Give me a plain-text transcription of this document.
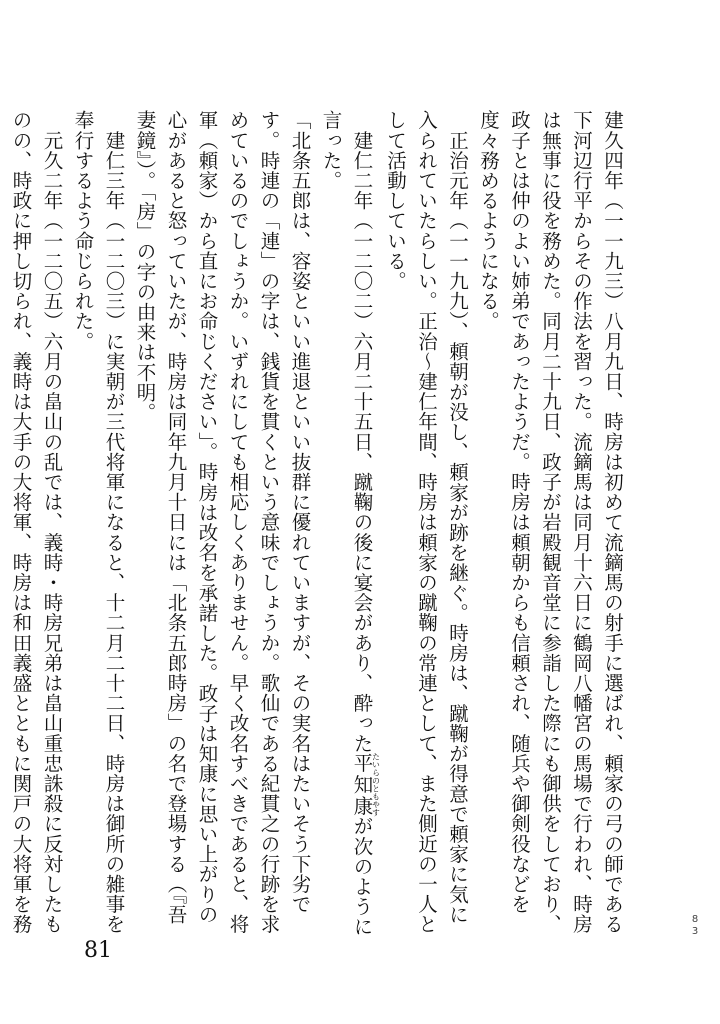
建久四年（一一九三）八月九日、時房は初めて流鏑馬の射手に選ばれ、頼家の弓の師である下河辺行平からその作法を習った。流鏑馬は同月十六日に鶴岡八幡宮の馬場で行われ、時房は無事に役を務めた。同月二十九日、政子が岩殿観音堂に参詣した際にも御供をしており、政子とは仲のよい姉弟であったようだ。時房は頼朝からも信頼され、随兵や御剣役などを度々務めるようになる。

　正治元年（一一九九）、頼朝が没し、頼家が跡を継ぐ。時房は、蹴鞠が得意で頼家に気に入られていたらしい。正治～建仁年間、時房は頼家の蹴鞠の常連として、また側近の一人として活動している。

　建仁二年（一二〇二）六月二十五日、蹴鞠の後に宴会があり、酔った平知康たいらのともやすが次のように言った。

「北条五郎は、容姿といい進退といい抜群に優れていますが、その実名はたいそう下劣です。時連の「連」の字は、銭貨を貫くという意味でしょうか。歌仙である紀貫之の行跡を求めているのでしょうか。いずれにしても相応しくありません。早く改名すべきであると、将軍（頼家）から直にお命じください」。時房は改名を承諾した。政子は知康に思い上がりの心があると怒っていたが、時房は同年九月十日には「北条五郎時房」の名で登場する（『吾妻鏡』）。「房」の字の由来は不明。

　建仁三年（一二〇三）に実朝が三代将軍になると、十二月二十二日、時房は御所の雑事を奉行するよう命じられた。

　元久二年（一二〇五）六月の畠山の乱では、義時・時房兄弟は畠山重忠誅殺に反対したものの、時政に押し切られ、義時は大手の大将軍、時房は和田義盛とともに関戸の大将軍を務

81
8
3
